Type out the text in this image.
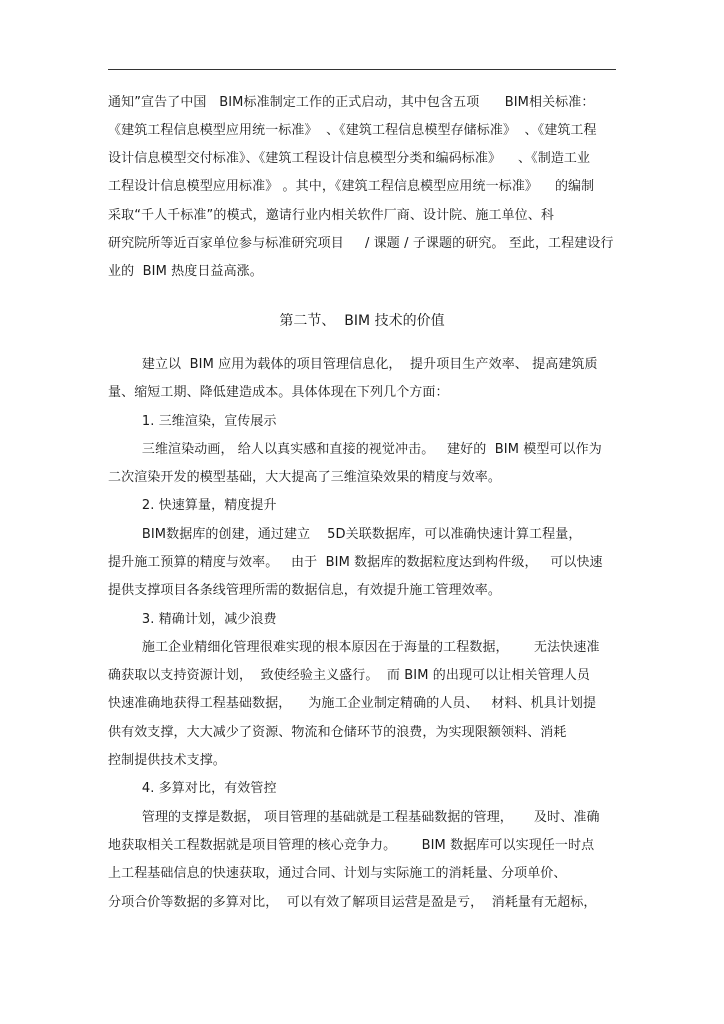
通知”宣告了中国   BIM标准制定工作的正式启动，其中包含五项      BIM相关标准：
《建筑工程信息模型应用统一标准》  、《建筑工程信息模型存储标准》  、《建筑工程
设计信息模型交付标准》、《建筑工程设计信息模型分类和编码标准》    、《制造工业
工程设计信息模型应用标准》 。其中，《建筑工程信息模型应用统一标准》    的编制
采取“千人千标准”的模式，邀请行业内相关软件厂商、设计院、施工单位、科
研究院所等近百家单位参与标准研究项目     / 课题 / 子课题的研究。 至此，工程建设行
业的  BIM 热度日益高涨。
第二节、  BIM 技术的价值
建立以  BIM 应用为载体的项目管理信息化，  提升项目生产效率、 提高建筑质
量、缩短工期、降低建造成本。具体体现在下列几个方面：
1. 三维渲染，宣传展示
三维渲染动画， 给人以真实感和直接的视觉冲击。   建好的  BIM 模型可以作为
二次渲染开发的模型基础，大大提高了三维渲染效果的精度与效率。
2. 快速算量，精度提升
BIM数据库的创建，通过建立    5D关联数据库，可以准确快速计算工程量，
提升施工预算的精度与效率。   由于  BIM 数据库的数据粒度达到构件级，   可以快速
提供支撑项目各条线管理所需的数据信息，有效提升施工管理效率。
3. 精确计划，减少浪费
施工企业精细化管理很难实现的根本原因在于海量的工程数据，      无法快速准
确获取以支持资源计划，  致使经验主义盛行。  而 BIM 的出现可以让相关管理人员
快速准确地获得工程基础数据，    为施工企业制定精确的人员、   材料、机具计划提
供有效支撑，大大减少了资源、物流和仓储环节的浪费，为实现限额领料、消耗
控制提供技术支撑。
4. 多算对比，有效管控
管理的支撑是数据， 项目管理的基础就是工程基础数据的管理，     及时、准确
地获取相关工程数据就是项目管理的核心竞争力。      BIM 数据库可以实现任一时点
上工程基础信息的快速获取，通过合同、计划与实际施工的消耗量、分项单价、
分项合价等数据的多算对比，  可以有效了解项目运营是盈是亏，  消耗量有无超标，
